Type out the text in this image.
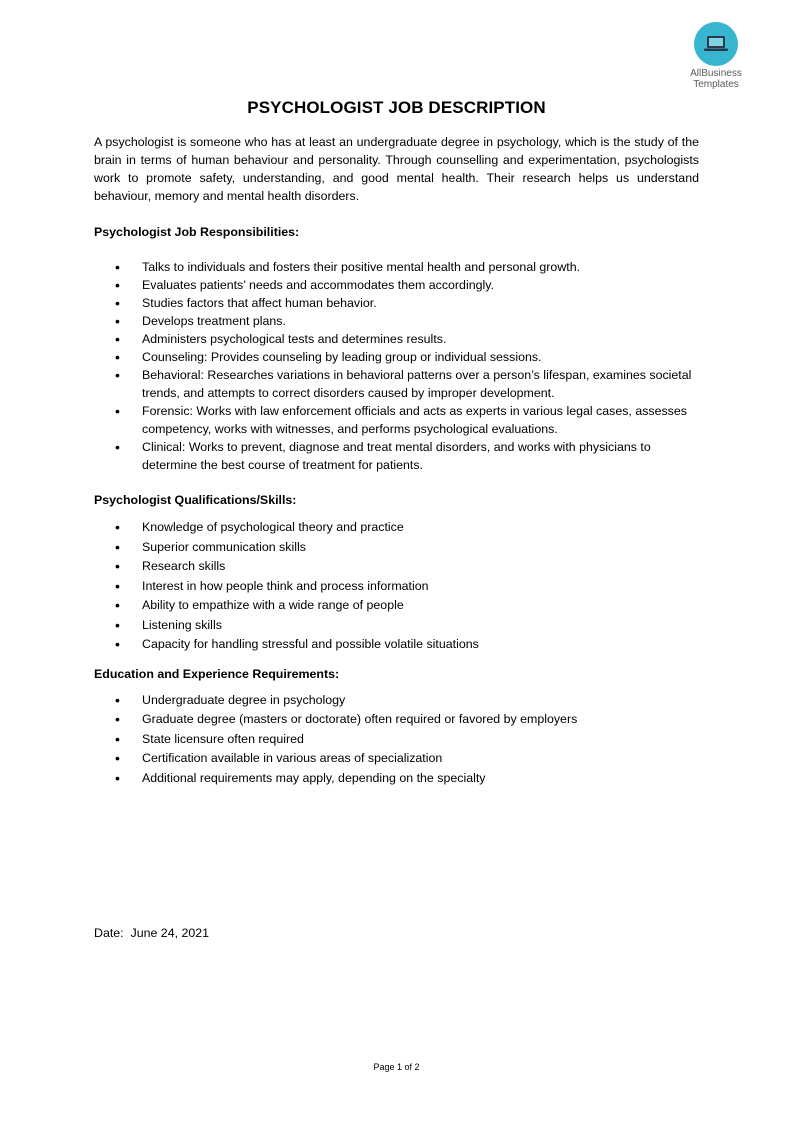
AllBusiness
Templates
PSYCHOLOGIST JOB DESCRIPTION

A psychologist is someone who has at least an undergraduate degree in psychology, which is the study of the brain in terms of human behaviour and personality. Through counselling and experimentation, psychologists work to promote safety, understanding, and good mental health. Their research helps us understand behaviour, memory and mental health disorders.

Psychologist Job Responsibilities:

• Talks to individuals and fosters their positive mental health and personal growth.
• Evaluates patients’ needs and accommodates them accordingly.
• Studies factors that affect human behavior.
• Develops treatment plans.
• Administers psychological tests and determines results.
• Counseling: Provides counseling by leading group or individual sessions.
• Behavioral: Researches variations in behavioral patterns over a person’s lifespan, examines societal trends, and attempts to correct disorders caused by improper development.
• Forensic: Works with law enforcement officials and acts as experts in various legal cases, assesses competency, works with witnesses, and performs psychological evaluations.
• Clinical: Works to prevent, diagnose and treat mental disorders, and works with physicians to determine the best course of treatment for patients.

Psychologist Qualifications/Skills:

• Knowledge of psychological theory and practice
• Superior communication skills
• Research skills
• Interest in how people think and process information
• Ability to empathize with a wide range of people
• Listening skills
• Capacity for handling stressful and possible volatile situations

Education and Experience Requirements:

• Undergraduate degree in psychology
• Graduate degree (masters or doctorate) often required or favored by employers
• State licensure often required
• Certification available in various areas of specialization
• Additional requirements may apply, depending on the specialty
Date:  June 24, 2021
Page 1 of 2
